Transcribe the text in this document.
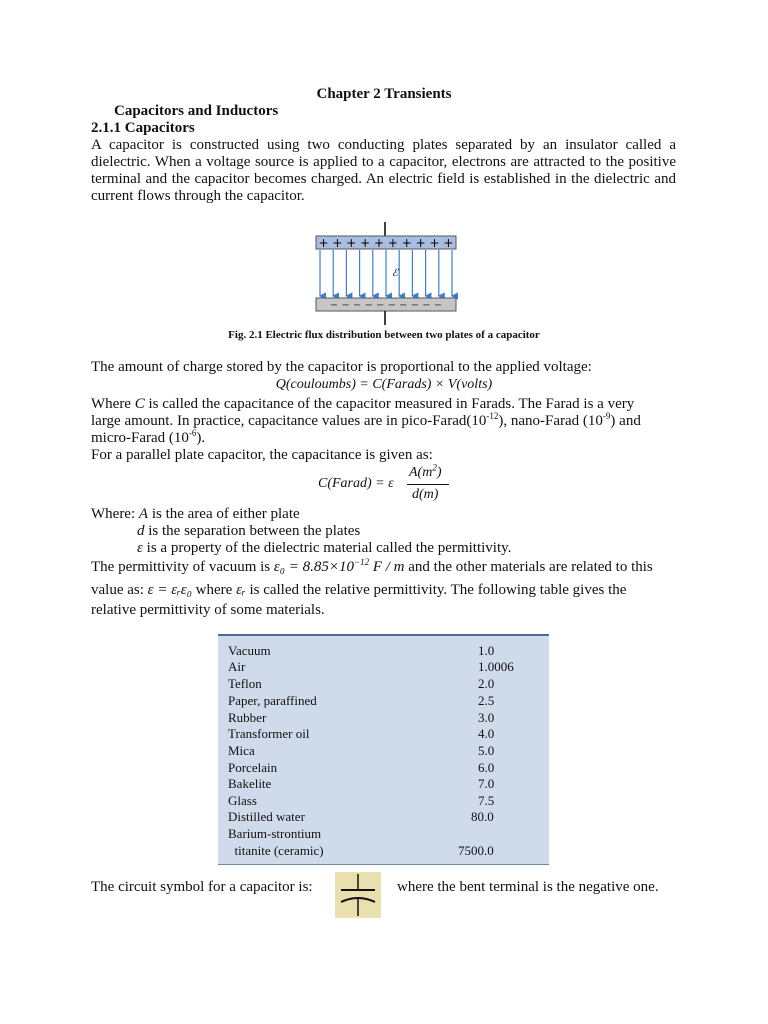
Chapter 2 Transients
Capacitors and Inductors
2.1.1 Capacitors
A capacitor is constructed using two conducting plates separated by an insulator called a dielectric. When a voltage source is applied to a capacitor, electrons are attracted to the positive terminal and the capacitor becomes charged. An electric field is established in the dielectric and current flows through the capacitor.
+ + + + + + + + + +
ℰ
− − − − − − − − − −
Fig. 2.1 Electric flux distribution between two plates of a capacitor
The amount of charge stored by the capacitor is proportional to the applied voltage:
Q(couloumbs) = C(Farads) × V(volts)
Where C is called the capacitance of the capacitor measured in Farads. The Farad is a very
large amount. In practice, capacitance values are in pico-$Farad(10^{-12})$, nano-Farad $(10^{-9})$ and
micro-Farad $(10^{-6})$.
For a parallel plate capacitor, the capacitance is given as:
C(Farad) = ε
$A(m^2)$
d(m)
Where: A is the area of either plate
d is the separation between the plates
ε is a property of the dielectric material called the permittivity.
The permittivity of vacuum is $\varepsilon_0 = 8.85\times 10^{-12}$ F / m and the other materials are related to this
value as: ε = εᵣε₀ where εᵣ is called the relative permittivity. The following table gives the
relative permittivity of some materials.
Vacuum	1.0
Air	1.0006
Teflon	2.0
Paper, paraffined	2.5
Rubber	3.0
Transformer oil	4.0
Mica	5.0
Porcelain	6.0
Bakelite	7.0
Glass	7.5
Distilled water	80.0
Barium-strontium
titanite (ceramic)	7500.0
The circuit symbol for a capacitor is:	where the bent terminal is the negative one.
